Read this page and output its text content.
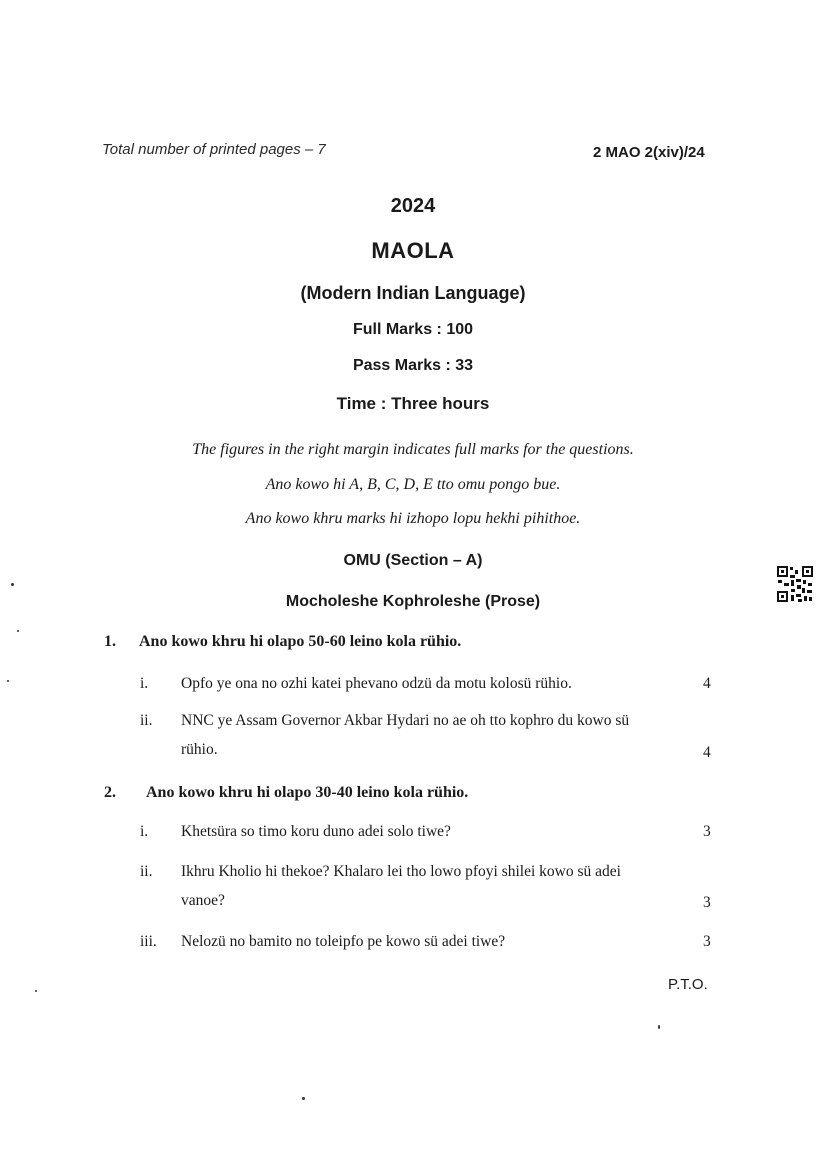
Total number of printed pages – 7	2 MAO 2(xiv)/24
2024
MAOLA
(Modern Indian Language)
Full Marks : 100
Pass Marks : 33
Time : Three hours
The figures in the right margin indicates full marks for the questions.
Ano kowo hi A, B, C, D, E tto omu pongo bue.
Ano kowo khru marks hi izhopo lopu hekhi pihithoe.
OMU (Section – A)
Mocholeshe Kophroleshe (Prose)
1. Ano kowo khru hi olapo 50-60 leino kola rühio.
i. Opfo ye ona no ozhi katei phevano odzü da motu kolosü rühio.	4
ii. NNC ye Assam Governor Akbar Hydari no ae oh tto kophro du kowo sü
rühio.	4
2. Ano kowo khru hi olapo 30-40 leino kola rühio.
i. Khetsüra so timo koru duno adei solo tiwe?	3
ii. Ikhru Kholio hi thekoe? Khalaro lei tho lowo pfoyi shilei kowo sü adei
vanoe?	3
iii. Nelozü no bamito no toleipfo pe kowo sü adei tiwe?	3
P.T.O.
